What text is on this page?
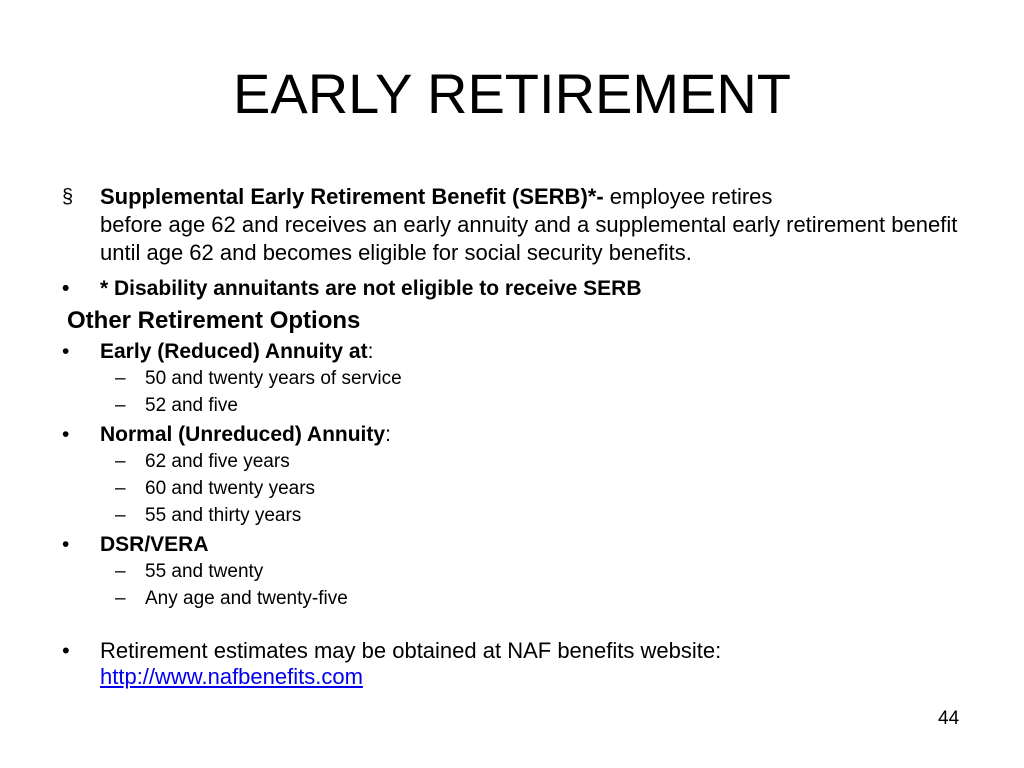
EARLY RETIREMENT
§ Supplemental Early Retirement Benefit (SERB)*- employee retires
before age 62 and receives an early annuity and a supplemental early retirement benefit until age 62 and becomes eligible for social security benefits.
• * Disability annuitants are not eligible to receive SERB
Other Retirement Options
• Early (Reduced) Annuity at:
– 50 and twenty years of service
– 52 and five
• Normal (Unreduced) Annuity:
– 62 and five years
– 60 and twenty years
– 55 and thirty years
• DSR/VERA
– 55 and twenty
– Any age and twenty-five
• Retirement estimates may be obtained at NAF benefits website:
http://www.nafbenefits.com
44
